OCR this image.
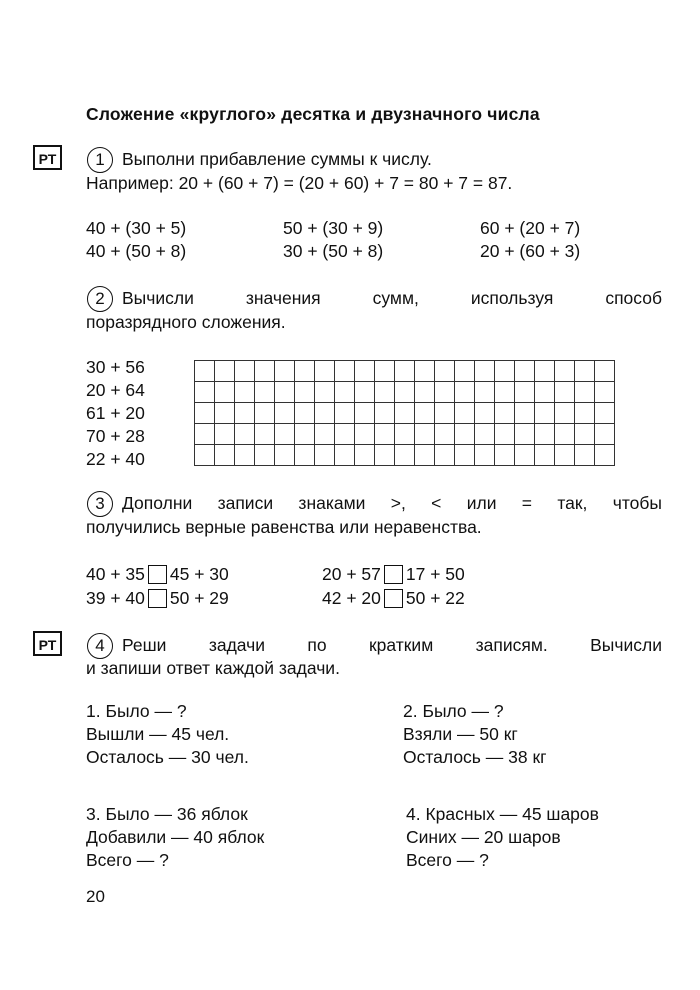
Сложение «круглого» десятка и двузначного числа
РТ	1 Выполни прибавление суммы к числу.
Например: 20 + (60 + 7) = (20 + 60) + 7 = 80 + 7 = 87.
40 + (30 + 5)	50 + (30 + 9)	60 + (20 + 7)
40 + (50 + 8)	30 + (50 + 8)	20 + (60 + 3)
2 Вычисли значения сумм, используя способ
поразрядного сложения.
30 + 56
20 + 64
61 + 20
70 + 28
22 + 40

3 Дополни записи знаками >, < или = так, чтобы
получились верные равенства или неравенства.
40 + 35 45 + 30	20 + 57 17 + 50
39 + 40 50 + 29	42 + 20 50 + 22
РТ	4 Реши задачи по кратким записям. Вычисли
и запиши ответ каждой задачи.
1. Было — ?
Вышли — 45 чел.
Осталось — 30 чел.
2. Было — ?
Взяли — 50 кг
Осталось — 38 кг
3. Было — 36 яблок
Добавили — 40 яблок
Всего — ?
4. Красных — 45 шаров
Синих — 20 шаров
Всего — ?
20
